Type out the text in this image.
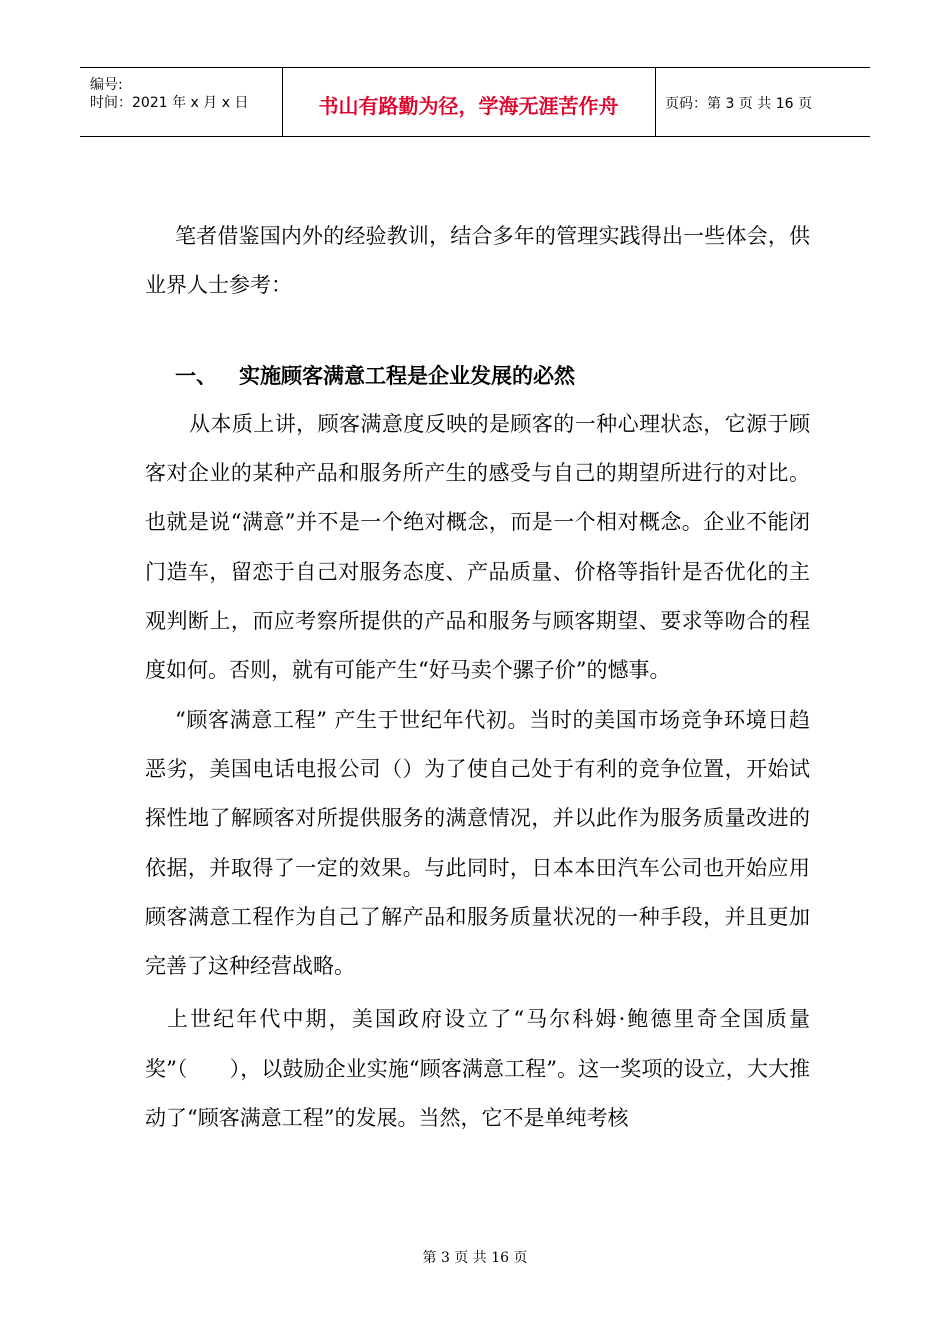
编号:
时间：2021 年 x 月 x 日	书山有路勤为径，学海无涯苦作舟	页码：第 3 页 共 16 页

笔者借鉴国内外的经验教训，结合多年的管理实践得出一些体会，供业界人士参考：

一、 实施顾客满意工程是企业发展的必然

从本质上讲，顾客满意度反映的是顾客的一种心理状态，它源于顾客对企业的某种产品和服务所产生的感受与自己的期望所进行的对比。也就是说“满意”并不是一个绝对概念，而是一个相对概念。企业不能闭门造车，留恋于自己对服务态度、产品质量、价格等指针是否优化的主观判断上，而应考察所提供的产品和服务与顾客期望、要求等吻合的程度如何。否则，就有可能产生“好马卖个骡子价”的憾事。

“顾客满意工程” 产生于世纪年代初。当时的美国市场竞争环境日趋恶劣，美国电话电报公司（）为了使自己处于有利的竞争位置，开始试探性地了解顾客对所提供服务的满意情况，并以此作为服务质量改进的依据，并取得了一定的效果。与此同时，日本本田汽车公司也开始应用顾客满意工程作为自己了解产品和服务质量状况的一种手段，并且更加完善了这种经营战略。

上世纪年代中期，美国政府设立了“马尔科姆·鲍德里奇全国质量奖”（　　），以鼓励企业实施“顾客满意工程”。这一奖项的设立，大大推动了“顾客满意工程”的发展。当然，它不是单纯考核

第 3 页 共 16 页
